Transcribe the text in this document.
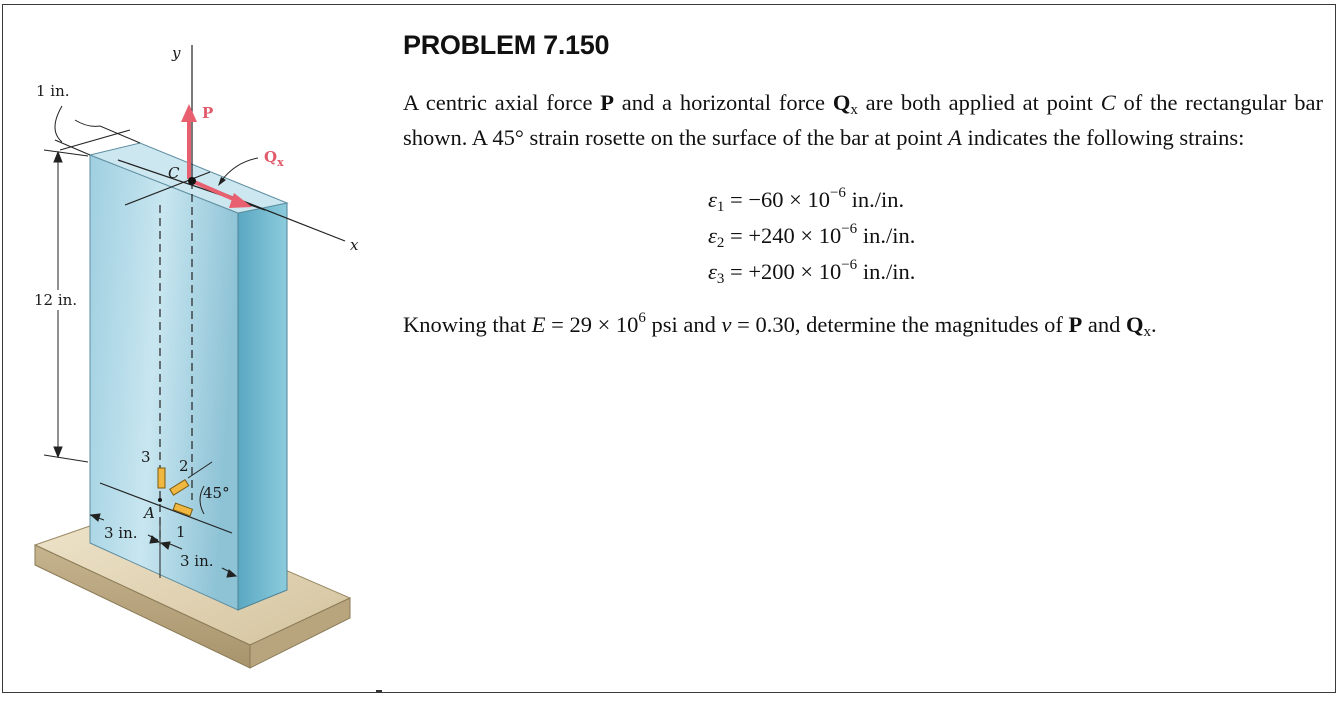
y
x
P
$Q_x$
C
1 in.
12 in.
3 2
1
45°
A
3 in.
3 in.
PROBLEM 7.150

A centric axial force P and a horizontal force Qx are both applied at point C of the rectangular bar shown. A 45° strain rosette on the surface of the bar at point A indicates the following strains:

$\varepsilon_1 = -60 \times 10^{-6}$ in./in.
$\varepsilon_2 = +240 \times 10^{-6}$ in./in.
$\varepsilon_3 = +200 \times 10^{-6}$ in./in.

Knowing that $E = 29 \times 10^6$ psi and ν = 0.30, determine the magnitudes of P and Qx.
